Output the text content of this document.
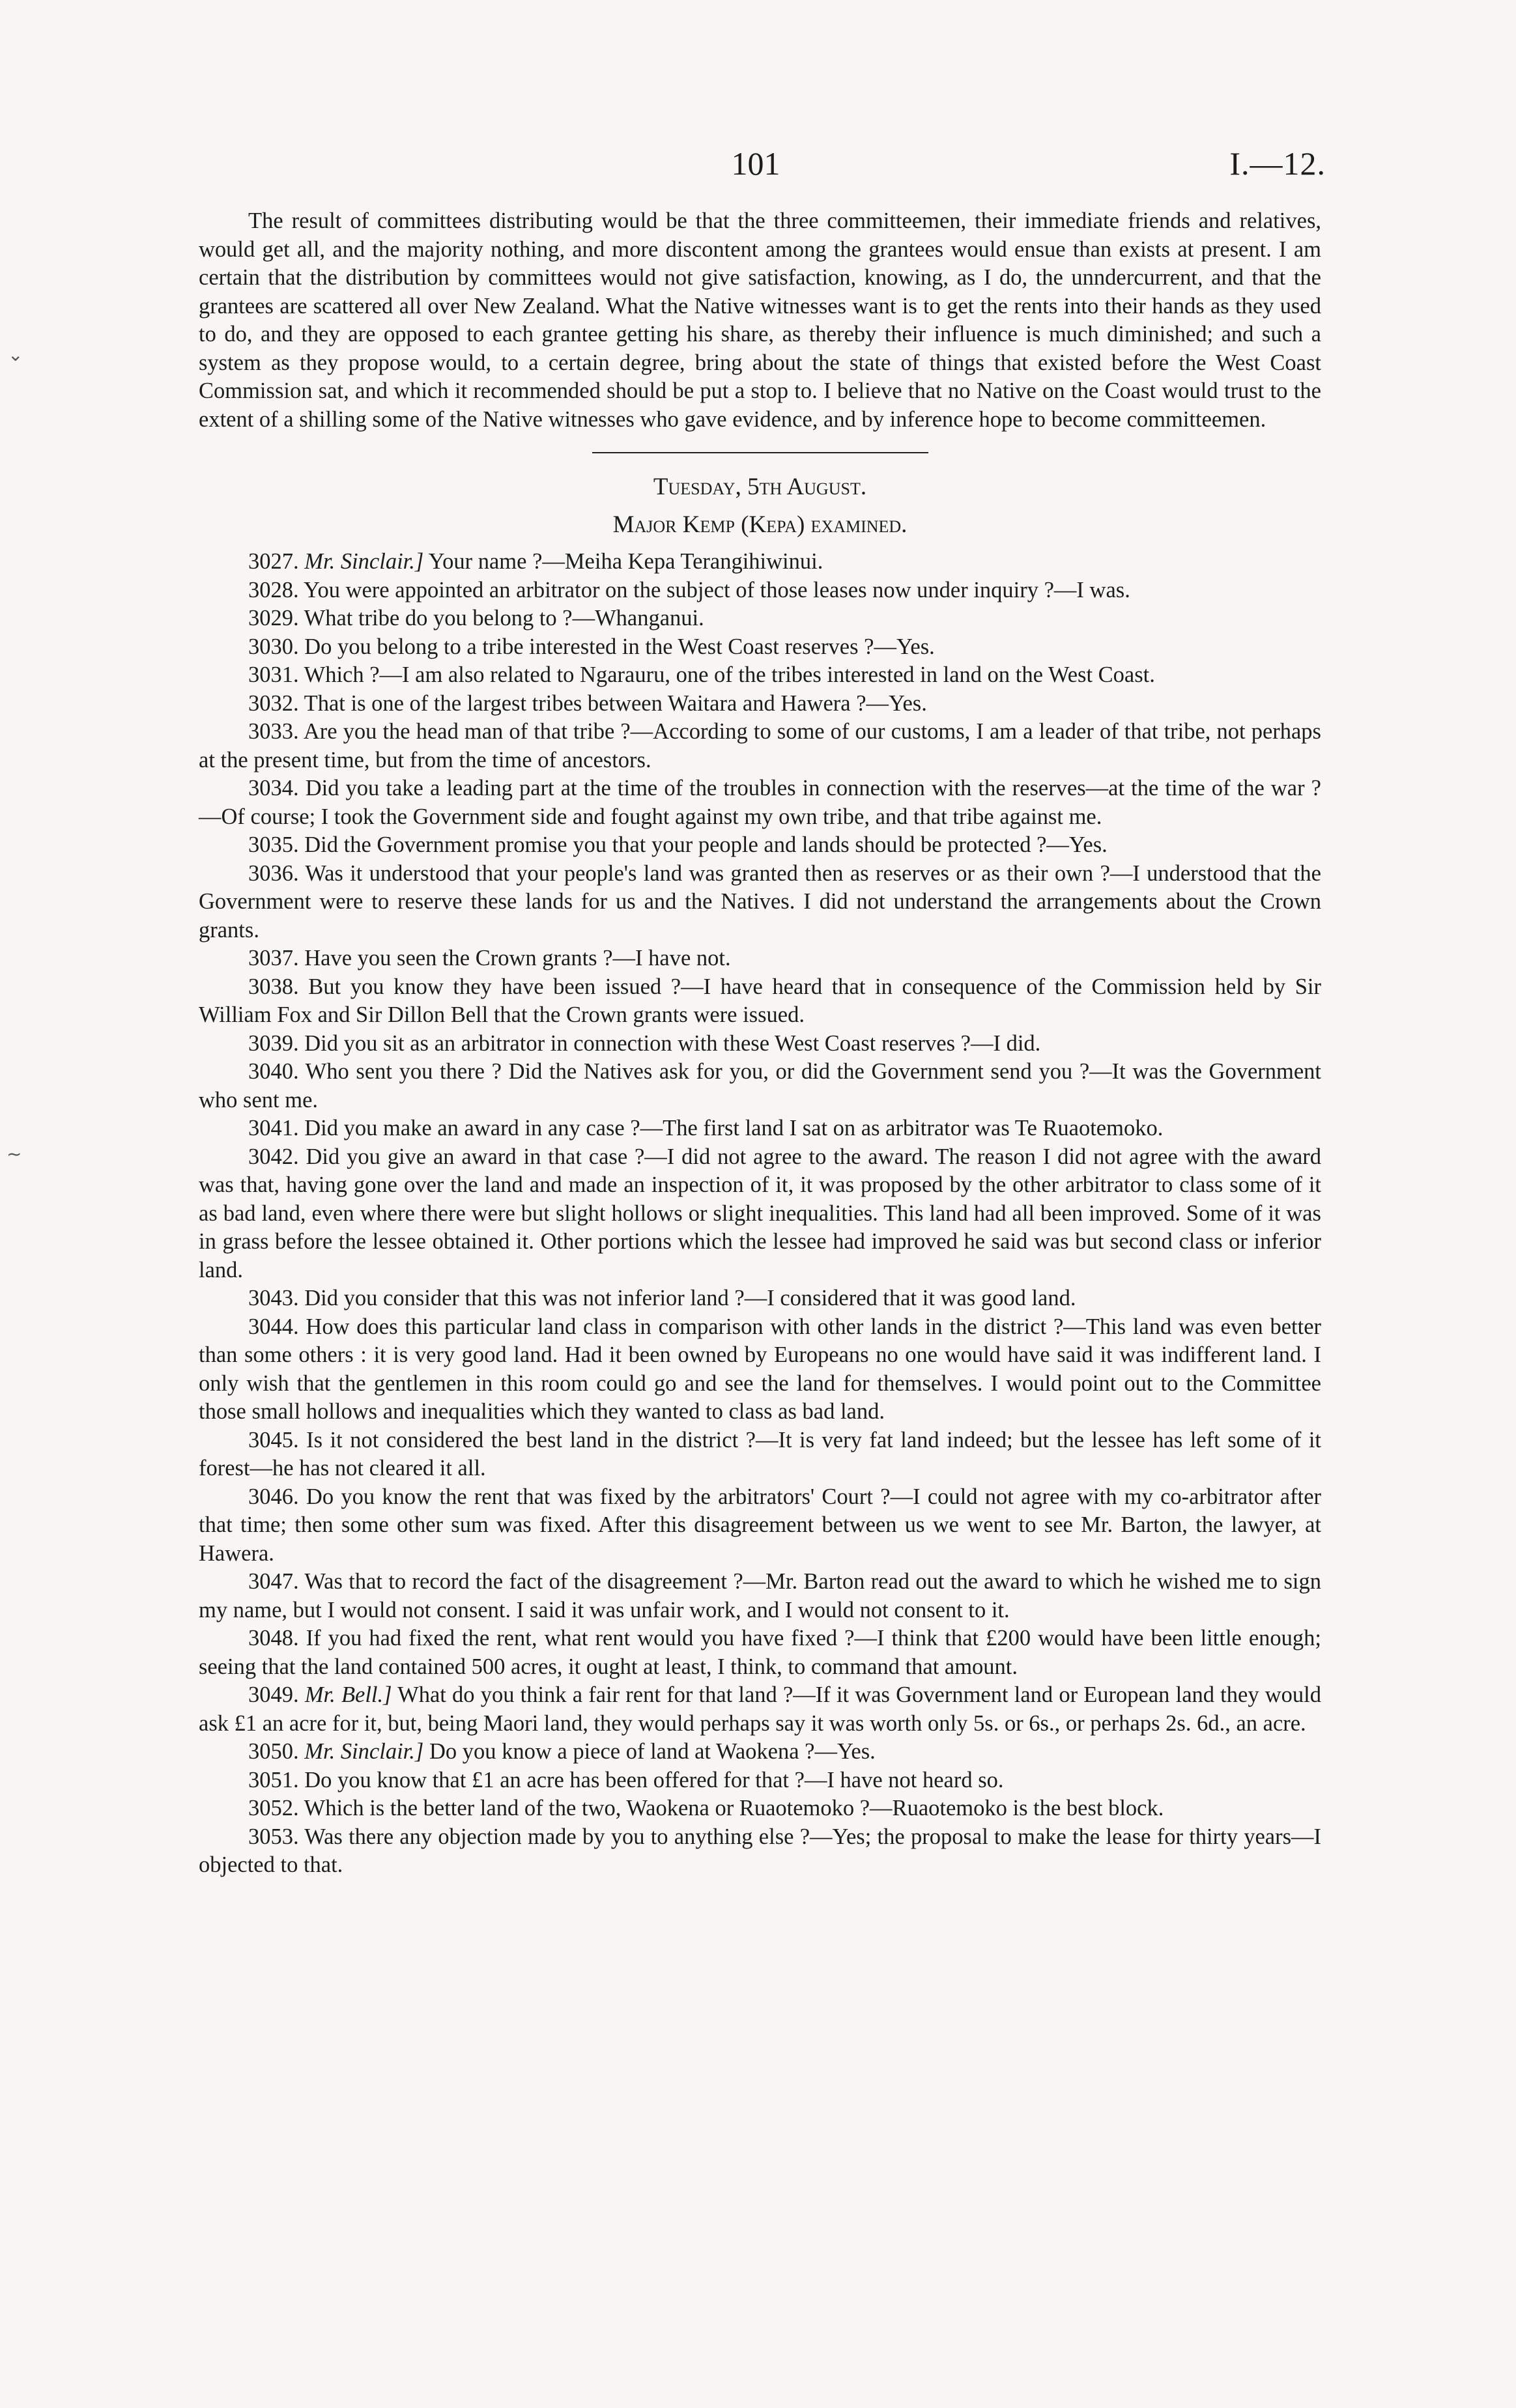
101	I.—12.
⌄
~

The result of committees distributing would be that the three committeemen, their immediate friends and relatives, would get all, and the majority nothing, and more discontent among the grantees would ensue than exists at present. I am certain that the distribution by committees would not give satisfaction, knowing, as I do, the unndercurrent, and that the grantees are scattered all over New Zealand. What the Native witnesses want is to get the rents into their hands as they used to do, and they are opposed to each grantee getting his share, as thereby their influence is much diminished; and such a system as they propose would, to a certain degree, bring about the state of things that existed before the West Coast Commission sat, and which it recommended should be put a stop to. I believe that no Native on the Coast would trust to the extent of a shilling some of the Native witnesses who gave evidence, and by inference hope to become committeemen.

Tuesday, 5th August.

Major Kemp (Kepa) examined.

3027. Mr. Sinclair.] Your name ?—Meiha Kepa Terangihiwinui.

3028. You were appointed an arbitrator on the subject of those leases now under inquiry ?—I was.

3029. What tribe do you belong to ?—Whanganui.

3030. Do you belong to a tribe interested in the West Coast reserves ?—Yes.

3031. Which ?—I am also related to Ngarauru, one of the tribes interested in land on the West Coast.

3032. That is one of the largest tribes between Waitara and Hawera ?—Yes.

3033. Are you the head man of that tribe ?—According to some of our customs, I am a leader of that tribe, not perhaps at the present time, but from the time of ancestors.

3034. Did you take a leading part at the time of the troubles in connection with the reserves—at the time of the war ?—Of course; I took the Government side and fought against my own tribe, and that tribe against me.

3035. Did the Government promise you that your people and lands should be protected ?—Yes.

3036. Was it understood that your people's land was granted then as reserves or as their own ?—I understood that the Government were to reserve these lands for us and the Natives. I did not understand the arrangements about the Crown grants.

3037. Have you seen the Crown grants ?—I have not.

3038. But you know they have been issued ?—I have heard that in consequence of the Commission held by Sir William Fox and Sir Dillon Bell that the Crown grants were issued.

3039. Did you sit as an arbitrator in connection with these West Coast reserves ?—I did.

3040. Who sent you there ? Did the Natives ask for you, or did the Government send you ?—It was the Government who sent me.

3041. Did you make an award in any case ?—The first land I sat on as arbitrator was Te Ruaotemoko.

3042. Did you give an award in that case ?—I did not agree to the award. The reason I did not agree with the award was that, having gone over the land and made an inspection of it, it was proposed by the other arbitrator to class some of it as bad land, even where there were but slight hollows or slight inequalities. This land had all been improved. Some of it was in grass before the lessee obtained it. Other portions which the lessee had improved he said was but second class or inferior land.

3043. Did you consider that this was not inferior land ?—I considered that it was good land.

3044. How does this particular land class in comparison with other lands in the district ?—This land was even better than some others : it is very good land. Had it been owned by Europeans no one would have said it was indifferent land. I only wish that the gentlemen in this room could go and see the land for themselves. I would point out to the Committee those small hollows and inequalities which they wanted to class as bad land.

3045. Is it not considered the best land in the district ?—It is very fat land indeed; but the lessee has left some of it forest—he has not cleared it all.

3046. Do you know the rent that was fixed by the arbitrators' Court ?—I could not agree with my co-arbitrator after that time; then some other sum was fixed. After this disagreement between us we went to see Mr. Barton, the lawyer, at Hawera.

3047. Was that to record the fact of the disagreement ?—Mr. Barton read out the award to which he wished me to sign my name, but I would not consent. I said it was unfair work, and I would not consent to it.

3048. If you had fixed the rent, what rent would you have fixed ?—I think that £200 would have been little enough; seeing that the land contained 500 acres, it ought at least, I think, to command that amount.

3049. Mr. Bell.] What do you think a fair rent for that land ?—If it was Government land or European land they would ask £1 an acre for it, but, being Maori land, they would perhaps say it was worth only 5s. or 6s., or perhaps 2s. 6d., an acre.

3050. Mr. Sinclair.] Do you know a piece of land at Waokena ?—Yes.

3051. Do you know that £1 an acre has been offered for that ?—I have not heard so.

3052. Which is the better land of the two, Waokena or Ruaotemoko ?—Ruaotemoko is the best block.

3053. Was there any objection made by you to anything else ?—Yes; the proposal to make the lease for thirty years—I objected to that.
